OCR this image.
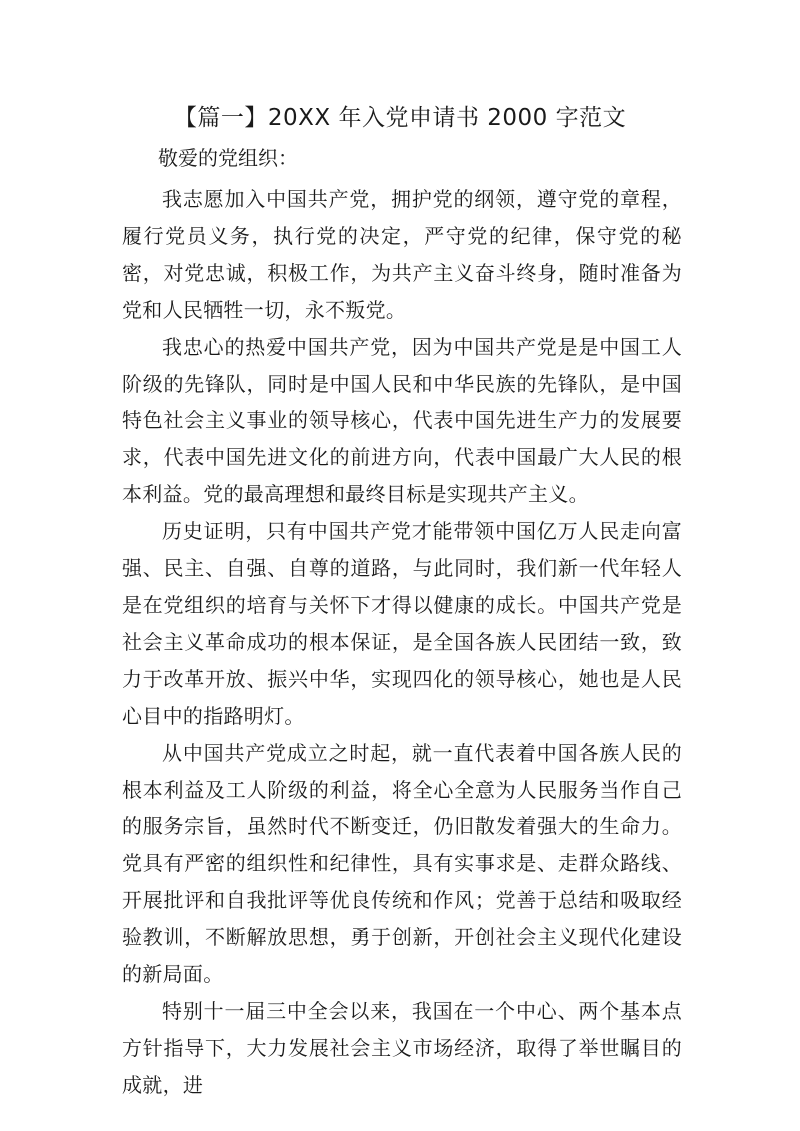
【篇一】20XX 年入党申请书 2000 字范文

敬爱的党组织：

我志愿加入中国共产党，拥护党的纲领，遵守党的章程，履行党员义务，执行党的决定，严守党的纪律，保守党的秘密，对党忠诚，积极工作，为共产主义奋斗终身，随时准备为党和人民牺牲一切，永不叛党。

我忠心的热爱中国共产党，因为中国共产党是是中国工人阶级的先锋队，同时是中国人民和中华民族的先锋队，是中国特色社会主义事业的领导核心，代表中国先进生产力的发展要求，代表中国先进文化的前进方向，代表中国最广大人民的根本利益。党的最高理想和最终目标是实现共产主义。

历史证明，只有中国共产党才能带领中国亿万人民走向富强、民主、自强、自尊的道路，与此同时，我们新一代年轻人是在党组织的培育与关怀下才得以健康的成长。中国共产党是社会主义革命成功的根本保证，是全国各族人民团结一致，致力于改革开放、振兴中华，实现四化的领导核心，她也是人民心目中的指路明灯。

从中国共产党成立之时起，就一直代表着中国各族人民的根本利益及工人阶级的利益，将全心全意为人民服务当作自己的服务宗旨，虽然时代不断变迁，仍旧散发着强大的生命力。党具有严密的组织性和纪律性，具有实事求是、走群众路线、开展批评和自我批评等优良传统和作风；党善于总结和吸取经验教训，不断解放思想，勇于创新，开创社会主义现代化建设的新局面。

特别十一届三中全会以来，我国在一个中心、两个基本点方针指导下，大力发展社会主义市场经济，取得了举世瞩目的成就，进
